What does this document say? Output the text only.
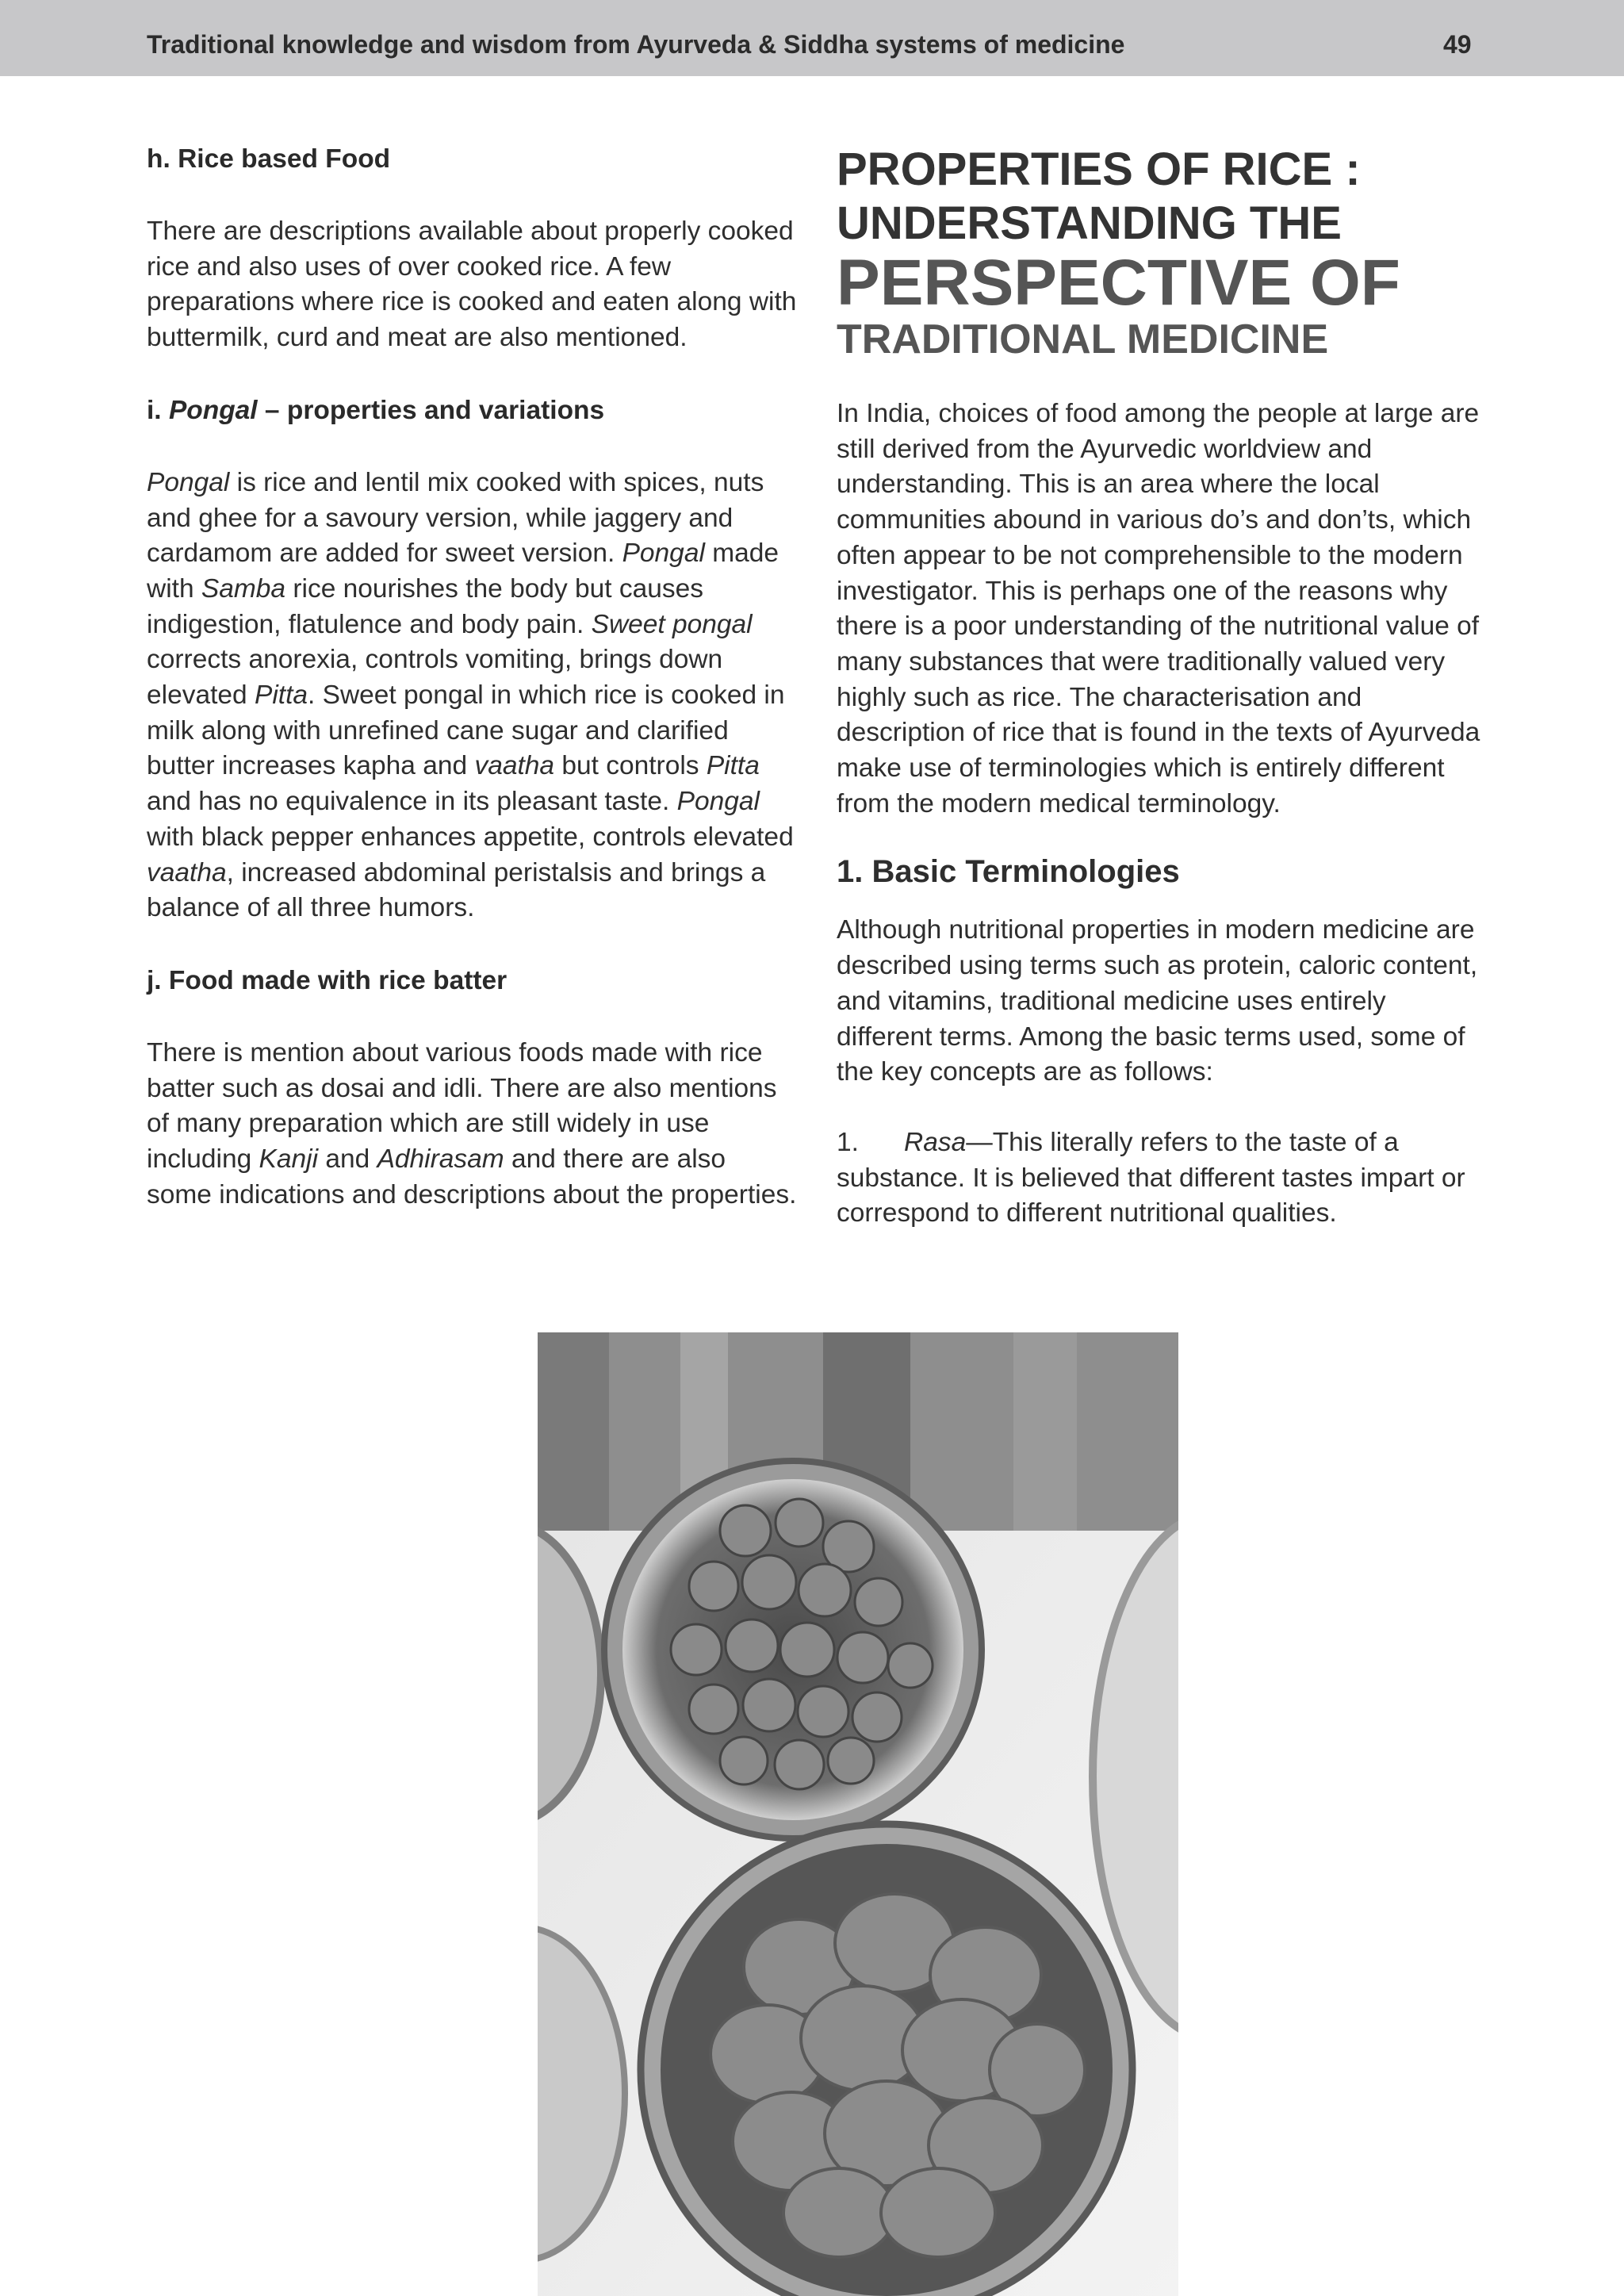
Traditional knowledge and wisdom from Ayurveda & Siddha systems of medicine	49

h. Rice based Food

There are descriptions available about properly cooked rice and also uses of over cooked rice. A few preparations where rice is cooked and eaten along with buttermilk, curd and meat are also mentioned.

i. Pongal – properties and variations

Pongal is rice and lentil mix cooked with spices, nuts and ghee for a savoury version, while jaggery and cardamom are added for sweet version. Pongal made with Samba rice nourishes the body but causes indigestion, flatulence and body pain. Sweet pongal corrects anorexia, controls vomiting, brings down elevated Pitta. Sweet pongal in which rice is cooked in milk along with unrefined cane sugar and clarified butter increases kapha and vaatha but controls Pitta and has no equivalence in its pleasant taste. Pongal with black pepper enhances appetite, controls elevated vaatha, increased abdominal peristalsis and brings a balance of all three humors.

j. Food made with rice batter

There is mention about various foods made with rice batter such as dosai and idli. There are also mentions of many preparation which are still widely in use including Kanji and Adhirasam and there are also some indications and descriptions about the properties.

PROPERTIES OF RICE :

UNDERSTANDING THE

PERSPECTIVE OF

TRADITIONAL MEDICINE

In India, choices of food among the people at large are still derived from the Ayurvedic worldview and understanding. This is an area where the local communities abound in various do’s and don’ts, which often appear to be not comprehensible to the modern investigator. This is perhaps one of the reasons why there is a poor understanding of the nutritional value of many substances that were traditionally valued very highly such as rice. The characterisation and description of rice that is found in the texts of Ayurveda make use of terminologies which is entirely different from the modern medical terminology.

1. Basic Terminologies

Although nutritional properties in modern medicine are described using terms such as protein, caloric content, and vitamins, traditional medicine uses entirely different terms. Among the basic terms used, some of the key concepts are as follows:

1. Rasa—This literally refers to the taste of a substance. It is believed that different tastes impart or correspond to different nutritional qualities.
